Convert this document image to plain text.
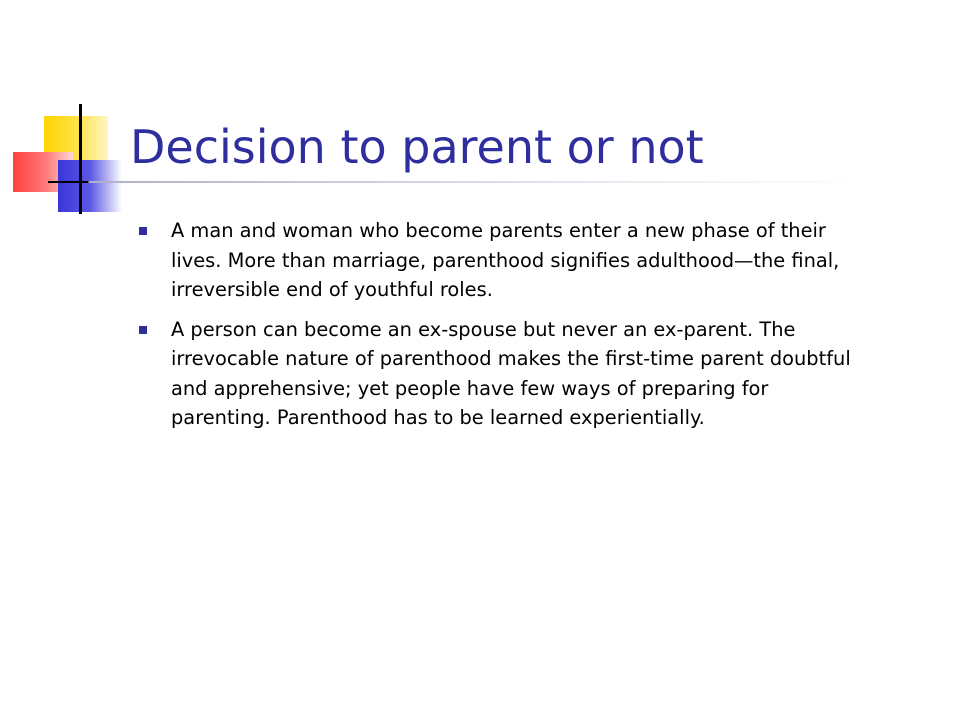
Decision to parent or not
A man and woman who become parents enter a new phase of their lives. More than marriage, parenthood signifies adulthood—the final, irreversible end of youthful roles.
A person can become an ex-spouse but never an ex-parent. The irrevocable nature of parenthood makes the first-time parent doubtful and apprehensive; yet people have few ways of preparing for parenting. Parenthood has to be learned experientially.
